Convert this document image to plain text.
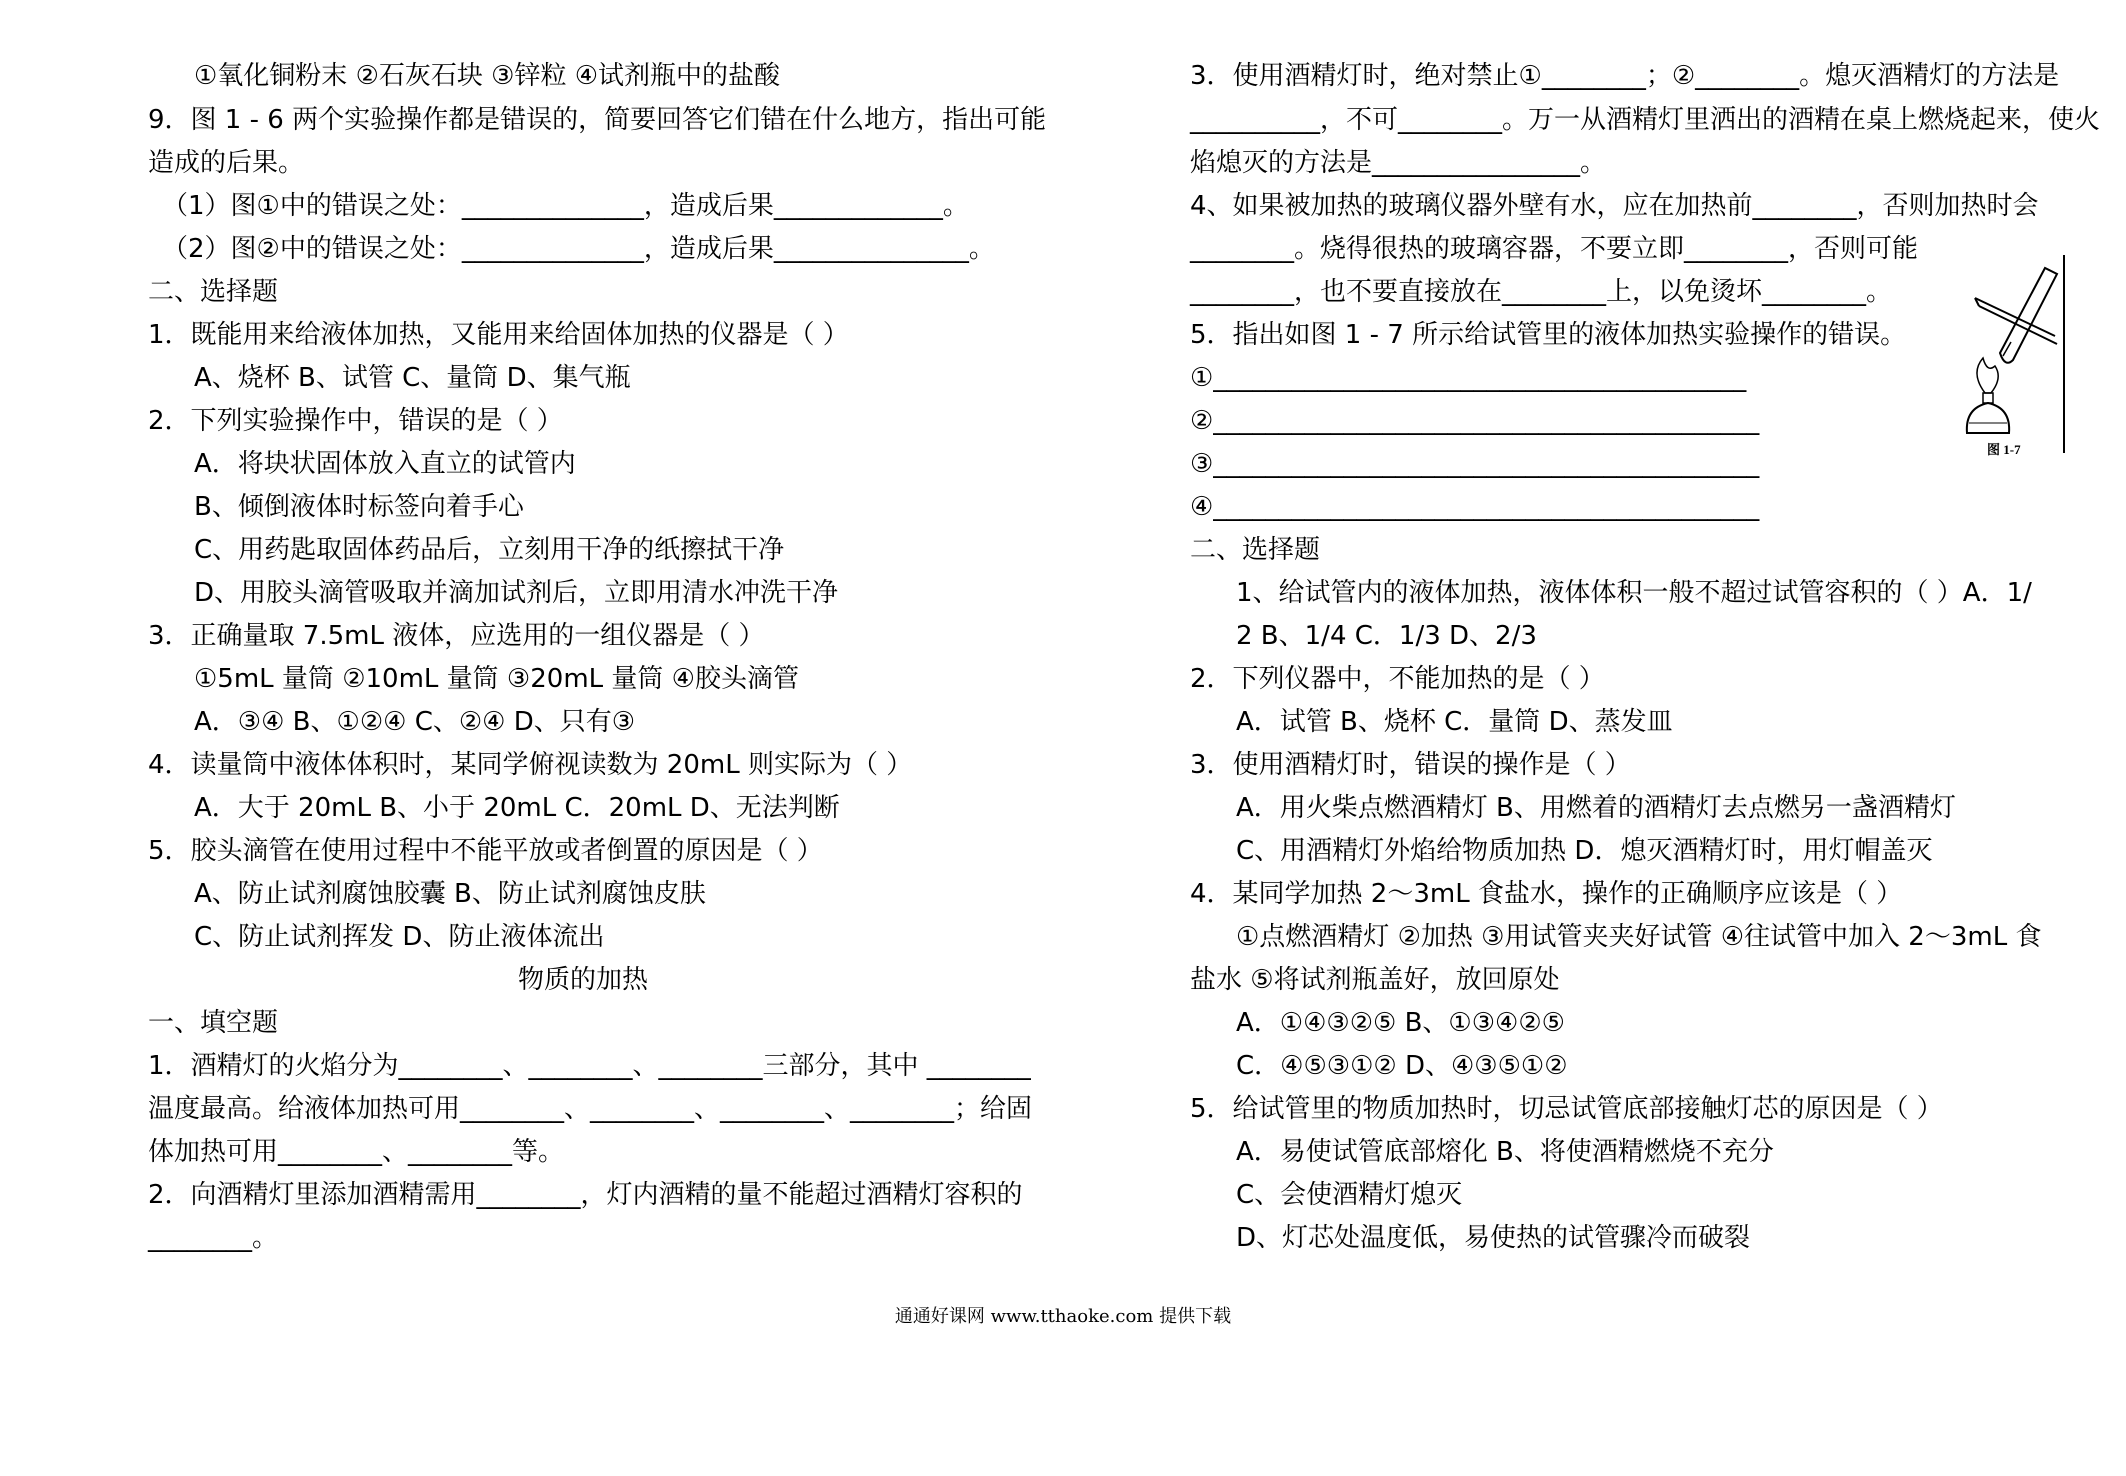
①氧化铜粉末 ②石灰石块 ③锌粒 ④试剂瓶中的盐酸
9．图 1 - 6 两个实验操作都是错误的，简要回答它们错在什么地方，指出可能
造成的后果。
（1）图①中的错误之处：______________，造成后果_____________。
（2）图②中的错误之处：______________，造成后果_______________。
二、选择题
1．既能用来给液体加热，又能用来给固体加热的仪器是（ ）
A、烧杯 B、试管 C、量筒 D、集气瓶
2．下列实验操作中，错误的是（ ）
A．将块状固体放入直立的试管内
B、倾倒液体时标签向着手心
C、用药匙取固体药品后，立刻用干净的纸擦拭干净
D、用胶头滴管吸取并滴加试剂后，立即用清水冲洗干净
3．正确量取 7.5mL 液体，应选用的一组仪器是（ ）
①5mL 量筒 ②10mL 量筒 ③20mL 量筒 ④胶头滴管
A．③④ B、①②④ C、②④ D、只有③
4．读量筒中液体体积时，某同学俯视读数为 20mL 则实际为（ ）
A．大于 20mL B、小于 20mL C．20mL D、无法判断
5．胶头滴管在使用过程中不能平放或者倒置的原因是（ ）
A、防止试剂腐蚀胶囊 B、防止试剂腐蚀皮肤
C、防止试剂挥发 D、防止液体流出
一、填空题
1．酒精灯的火焰分为________、________、________三部分，其中 ________
温度最高。给液体加热可用________、________、________、________；给固
体加热可用________、________等。
2．向酒精灯里添加酒精需用________，灯内酒精的量不能超过酒精灯容积的
________。
物质的加热
3．使用酒精灯时，绝对禁止①________；②________。熄灭酒精灯的方法是
__________，不可________。万一从酒精灯里洒出的酒精在桌上燃烧起来，使火
焰熄灭的方法是________________。
4、如果被加热的玻璃仪器外壁有水，应在加热前________，否则加热时会
________。烧得很热的玻璃容器，不要立即________，否则可能
________，也不要直接放在________上，以免烫坏________。
5．指出如图 1 - 7 所示给试管里的液体加热实验操作的错误。
①_________________________________________
②__________________________________________
③__________________________________________
④__________________________________________
二、选择题
1、给试管内的液体加热，液体体积一般不超过试管容积的（ ）A．1/
2 B、1/4 C．1/3 D、2/3
2．下列仪器中，不能加热的是（ ）
A．试管 B、烧杯 C．量筒 D、蒸发皿
3．使用酒精灯时，错误的操作是（ ）
A．用火柴点燃酒精灯 B、用燃着的酒精灯去点燃另一盏酒精灯
C、用酒精灯外焰给物质加热 D．熄灭酒精灯时，用灯帽盖灭
4．某同学加热 2～3mL 食盐水，操作的正确顺序应该是（ ）
①点燃酒精灯 ②加热 ③用试管夹夹好试管 ④往试管中加入 2～3mL 食
盐水 ⑤将试剂瓶盖好，放回原处
A．①④③②⑤ B、①③④②⑤
C．④⑤③①② D、④③⑤①②
5．给试管里的物质加热时，切忌试管底部接触灯芯的原因是（ ）
A．易使试管底部熔化 B、将使酒精燃烧不充分
C、会使酒精灯熄灭
D、灯芯处温度低，易使热的试管骤冷而破裂
图 1-7
通通好课网 www.tthaoke.com 提供下载
